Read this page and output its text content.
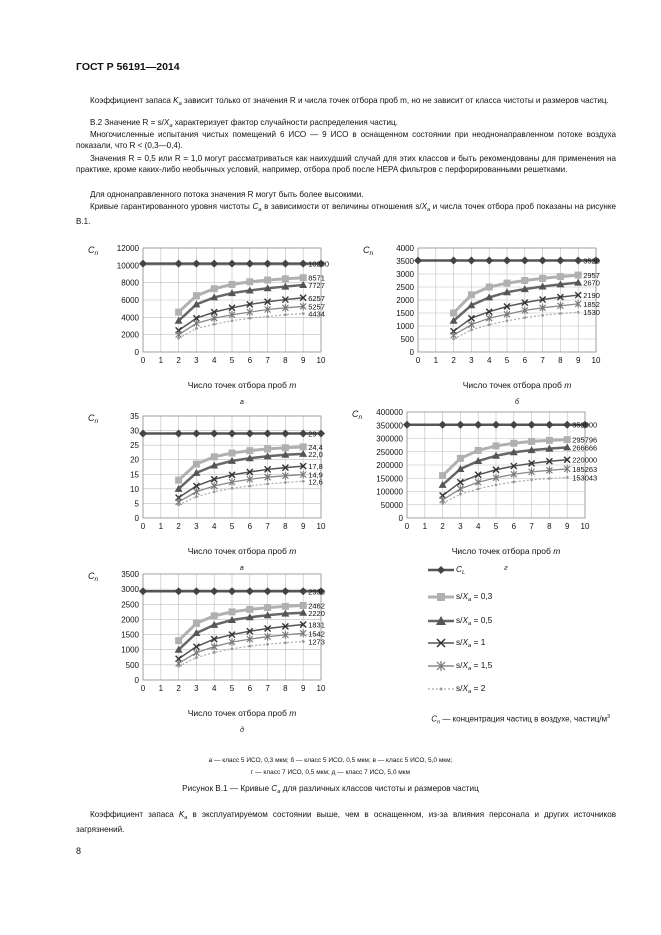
ГОСТ Р 56191—2014
Коэффициент запаса $K_a$ зависит только от значения R и числа точек отбора проб m, но не зависит от класса чистоты и размеров частиц.
В.2 Значение $R = s/X_a$ характеризует фактор случайности распределения частиц.
Многочисленные испытания чистых помещений 6 ИСО — 9 ИСО в оснащенном состоянии при неоднонаправленном потоке воздуха показали, что R < (0,3—0,4).
Значения R = 0,5 или R = 1,0 могут рассматриваться как наихудший случай для этих классов и быть рекомендованы для применения на практике, кроме каких-либо необычных условий, например, отбора проб после HEPA фильтров с перфорированными решетками.
Для однонаправленного потока значения R могут быть более высокими.
Кривые гарантированного уровня чистоты $C_a$ в зависимости от величины отношения $s/X_a$ и числа точек отбора проб показаны на рисунке В.1.
0
2000
4000
6000
8000
10000
12000
0 1 2 3 4 5 6 7 8 9 10
$C_n$
Число точек отбора проб m
а
10200
8571
7727
6257
5257
4434
0
500
1000
1500
2000
2500
3000
3500
4000
0 1 2 3 4 5 6 7 8 9 10
$C_n$
Число точек отбора проб m
б
3520
2957
2670
2190
1852
1530
0
5
10
15
20
25
30
35
0 1 2 3 4 5 6 7 8 9 10
$C_n$
Число точек отбора проб m
в
29
24,4
22,0
17,8
14,9
12,6
0
50000
100000
150000
200000
250000
300000
350000
400000
0 1 2 3 4 5 6 7 8 9 10
$C_n$
Число точек отбора проб m
г
352000
295796
266666
220000
185263
153043
0
500
1000
1500
2000
2500
3000
3500
0 1 2 3 4 5 6 7 8 9 10
$C_n$
Число точек отбора проб m
д
2930
2462
2220
1831
1542
1273
$C_L$
$s/X_a = 0,3$
$s/X_a = 0,5$
$s/X_a = 1$
$s/X_a = 1,5$
$s/X_a = 2$
$C_n$ — концентрация частиц в воздухе, частиц/$м^3$
а — класс 5 ИСО, 0,3 мкм; б — класс 5 ИСО, 0,5 мкм; в — класс 5 ИСО, 5,0 мкм;
г — класс 7 ИСО, 0,5 мкм; д — класс 7 ИСО, 5,0 мкм
Рисунок В.1 — Кривые $C_a$ для различных классов чистоты и размеров частиц
Коэффициент запаса $K_a$ в эксплуатируемом состоянии выше, чем в оснащенном, из-за влияния персонала и других источников загрязнений.
8
